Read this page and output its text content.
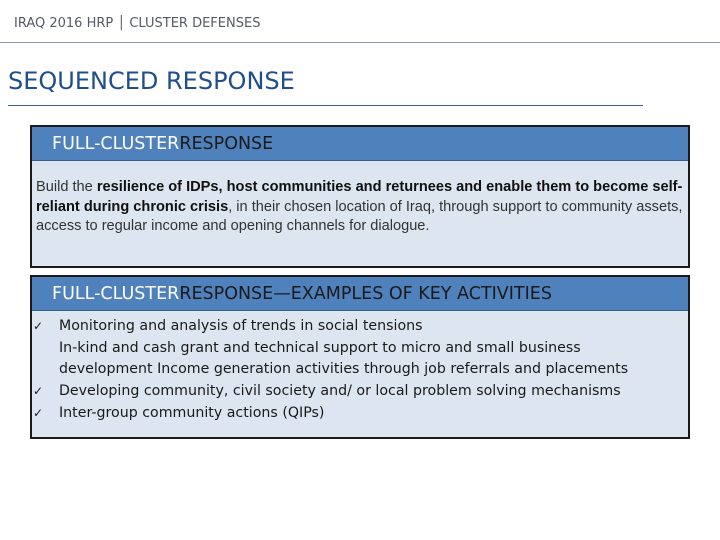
IRAQ 2016 HRP │ CLUSTER DEFENSES
SEQUENCED RESPONSE
FULL-CLUSTER RESPONSE
Build the resilience of IDPs, host communities and returnees and enable them to become self-reliant during chronic crisis, in their chosen location of Iraq, through support to community assets, access to regular income and opening channels for dialogue.
FULL-CLUSTER RESPONSE—EXAMPLES OF KEY ACTIVITIES
✓ Monitoring and analysis of trends in social tensions
In-kind and cash grant and technical support to micro and small business
development Income generation activities through job referrals and placements
✓ Developing community, civil society and/ or local problem solving mechanisms
✓ Inter-group community actions (QIPs)
